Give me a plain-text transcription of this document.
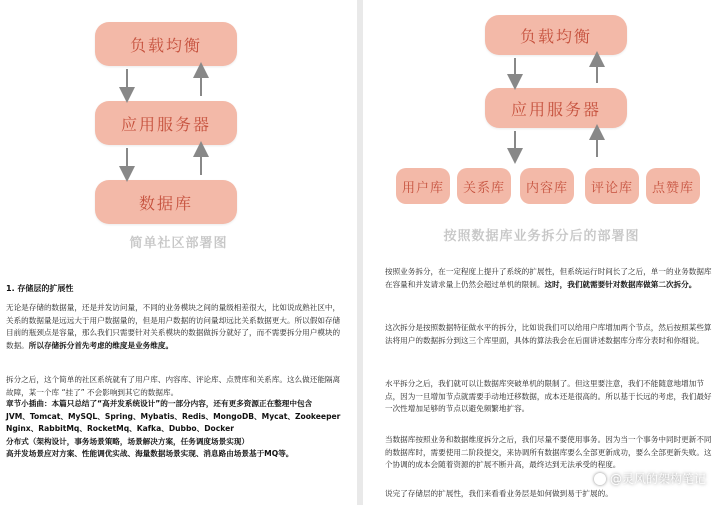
负载均衡
应用服务器
数据库
简单社区部署图
1. 存储层的扩展性
无论是存储的数据量，还是并发访问量，不同的业务模块之间的量级相差很大，比如说成熟社区中，关系的数据量是远远大于用户数据量的，但是用户数据的访问量却远比关系数据更大。所以假如存储目前的瓶颈点是容量，那么我们只需要针对关系模块的数据做拆分就好了，而不需要拆分用户模块的数据。所以存储拆分首先考虑的维度是业务维度。
拆分之后，这个简单的社区系统就有了用户库、内容库、评论库、点赞库和关系库。这么做还能隔离故障，某一个库 “挂了” 不会影响到其它的数据库。
章节小插曲：本篇只总结了“高并发系统设计”的一部分内容，还有更多资源正在整理中包含
JVM、Tomcat、MySQL、Spring、Mybatis、Redis、MongoDB、Mycat、Zookeeper
Nginx、RabbitMq、RocketMq、Kafka、Dubbo、Docker
分布式（架构设计，事务场景策略，场景解决方案，任务调度场景实现）
高并发场景应对方案、性能调优实战、海量数据场景实现、消息路由场景基于MQ等。
负载均衡
应用服务器
用户库	关系库	内容库	评论库	点赞库
按照数据库业务拆分后的部署图
按照业务拆分，在一定程度上提升了系统的扩展性，但系统运行时间长了之后，单一的业务数据库在容量和并发请求量上仍然会超过单机的限制。这时，我们就需要针对数据库做第二次拆分。
这次拆分是按照数据特征做水平的拆分，比如说我们可以给用户库增加两个节点，然后按照某些算法将用户的数据拆分到这三个库里面，具体的算法我会在后面讲述数据库分库分表时和你细说。
水平拆分之后，我们就可以让数据库突破单机的限制了。但这里要注意，我们不能随意地增加节点，因为一旦增加节点就需要手动地迁移数据，成本还是很高的。所以基于长远的考虑，我们最好一次性增加足够的节点以避免频繁地扩容。
当数据库按照业务和数据维度拆分之后，我们尽量不要使用事务。因为当一个事务中同时更新不同的数据库时，需要使用二阶段提交，来协调所有数据库要么全部更新成功，要么全部更新失败。这个协调的成本会随着资源的扩展不断升高，最终达到无法承受的程度。
说完了存储层的扩展性，我们来看看业务层是如何做到易于扩展的。
@灵风的架构笔记
